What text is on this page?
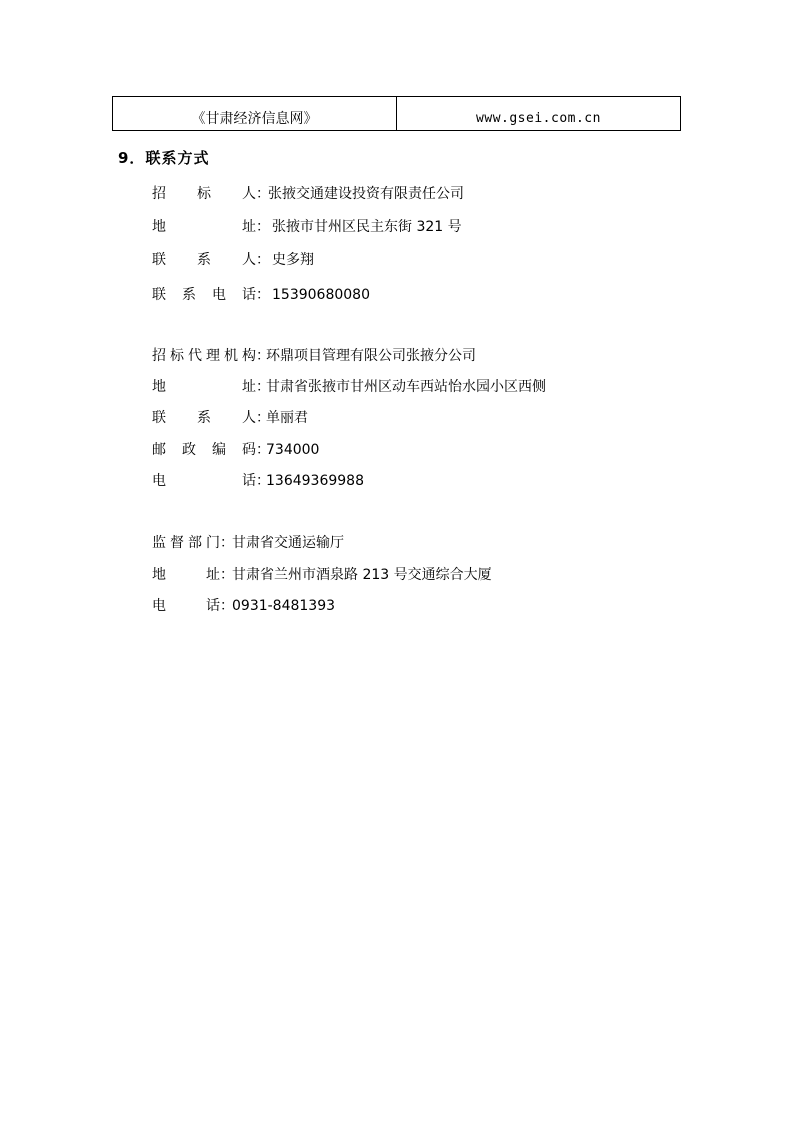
《甘肃经济信息网》	www.gsei.com.cn
9．联系方式
招 标 人 ：
张掖交通建设投资有限责任公司
地	址 ： 张掖市甘州区民主东街 321 号
联 系 人 ： 史多翔
联 系 电 话 ： 15390680080
招 标 代 理 机 构 ：
环鼎项目管理有限公司张掖分公司
地	址 ：
甘肃省张掖市甘州区动车西站怡水园小区西侧
联 系 人 ：
单丽君
邮 政 编 码 ：
734000
电	话 ：
13649369988
监 督 部 门 ：
甘肃省交通运输厅
地	址 ：
甘肃省兰州市酒泉路 213 号交通综合大厦
电	话 ：
0931-8481393
